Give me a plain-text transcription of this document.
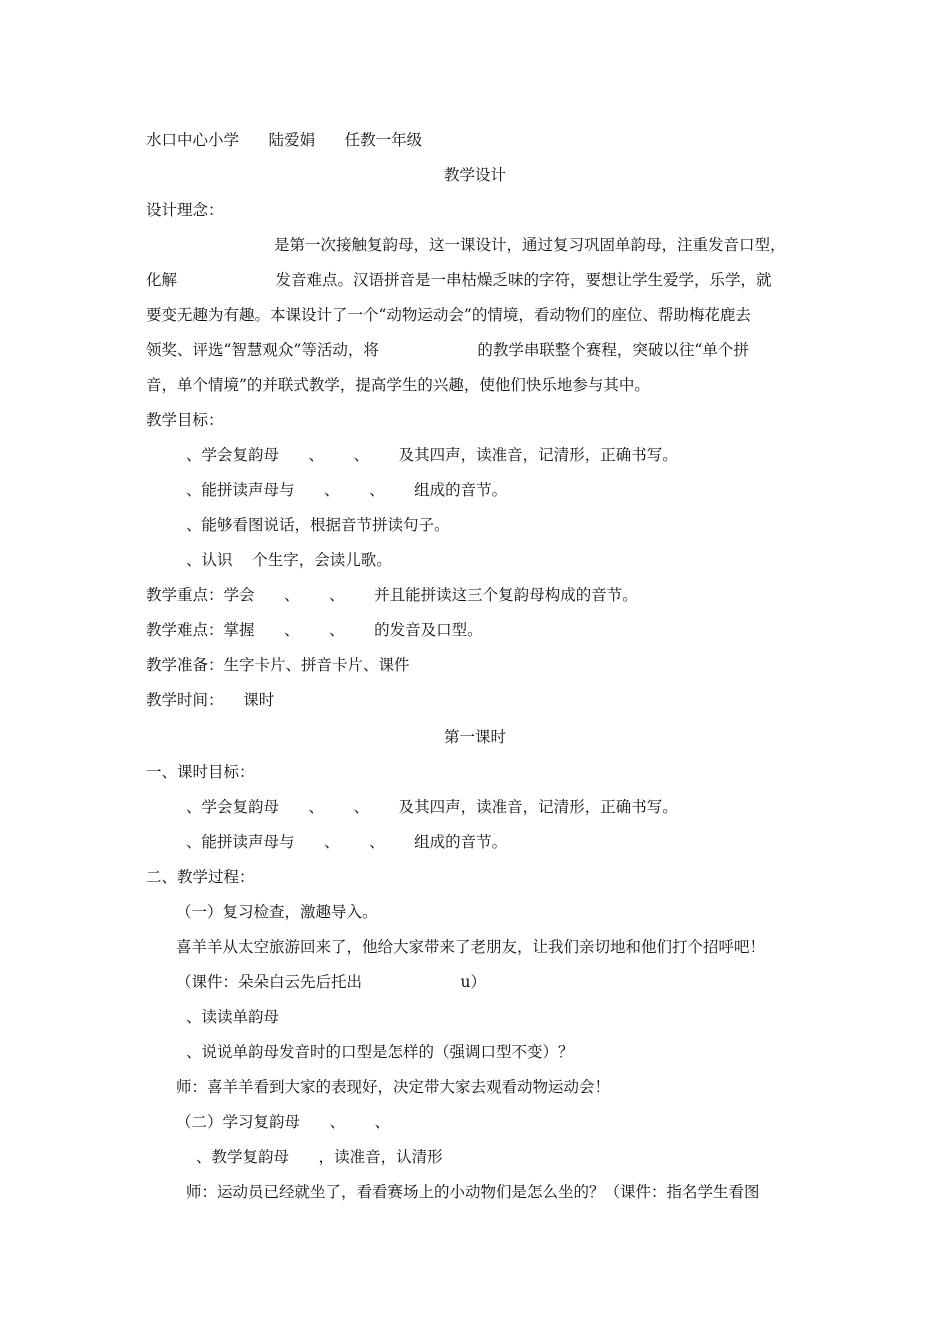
水口中心小学      陆爱娟      任教一年级
教学设计
设计理念：
是第一次接触复韵母，这一课设计，通过复习巩固单韵母，注重发音口型，
化解                    发音难点。汉语拼音是一串枯燥乏味的字符，要想让学生爱学，乐学，就
要变无趣为有趣。本课设计了一个“动物运动会”的情境，看动物们的座位、帮助梅花鹿去
领奖、评选“智慧观众”等活动，将                    的教学串联整个赛程，突破以往“单个拼
音，单个情境”的并联式教学，提高学生的兴趣，使他们快乐地参与其中。
教学目标：
、学会复韵母      、      、      及其四声，读准音，记清形，正确书写。
、能拼读声母与      、      、      组成的音节。
、能够看图说话，根据音节拼读句子。
、认识    个生字，会读儿歌。
教学重点：学会      、      、      并且能拼读这三个复韵母构成的音节。
教学难点：掌握      、      、      的发音及口型。
教学准备：生字卡片、拼音卡片、课件
教学时间：    课时
第一课时
一、课时目标：
、学会复韵母      、      、      及其四声，读准音，记清形，正确书写。
、能拼读声母与      、      、      组成的音节。
二、教学过程：
（一）复习检查，激趣导入。
喜羊羊从太空旅游回来了，他给大家带来了老朋友，让我们亲切地和他们打个招呼吧！
（课件：朵朵白云先后托出                    u）
、读读单韵母
、说说单韵母发音时的口型是怎样的（强调口型不变）？
师：喜羊羊看到大家的表现好，决定带大家去观看动物运动会！
（二）学习复韵母      、      、
、教学复韵母      ，读准音，认清形
师：运动员已经就坐了，看看赛场上的小动物们是怎么坐的？（课件：指名学生看图
